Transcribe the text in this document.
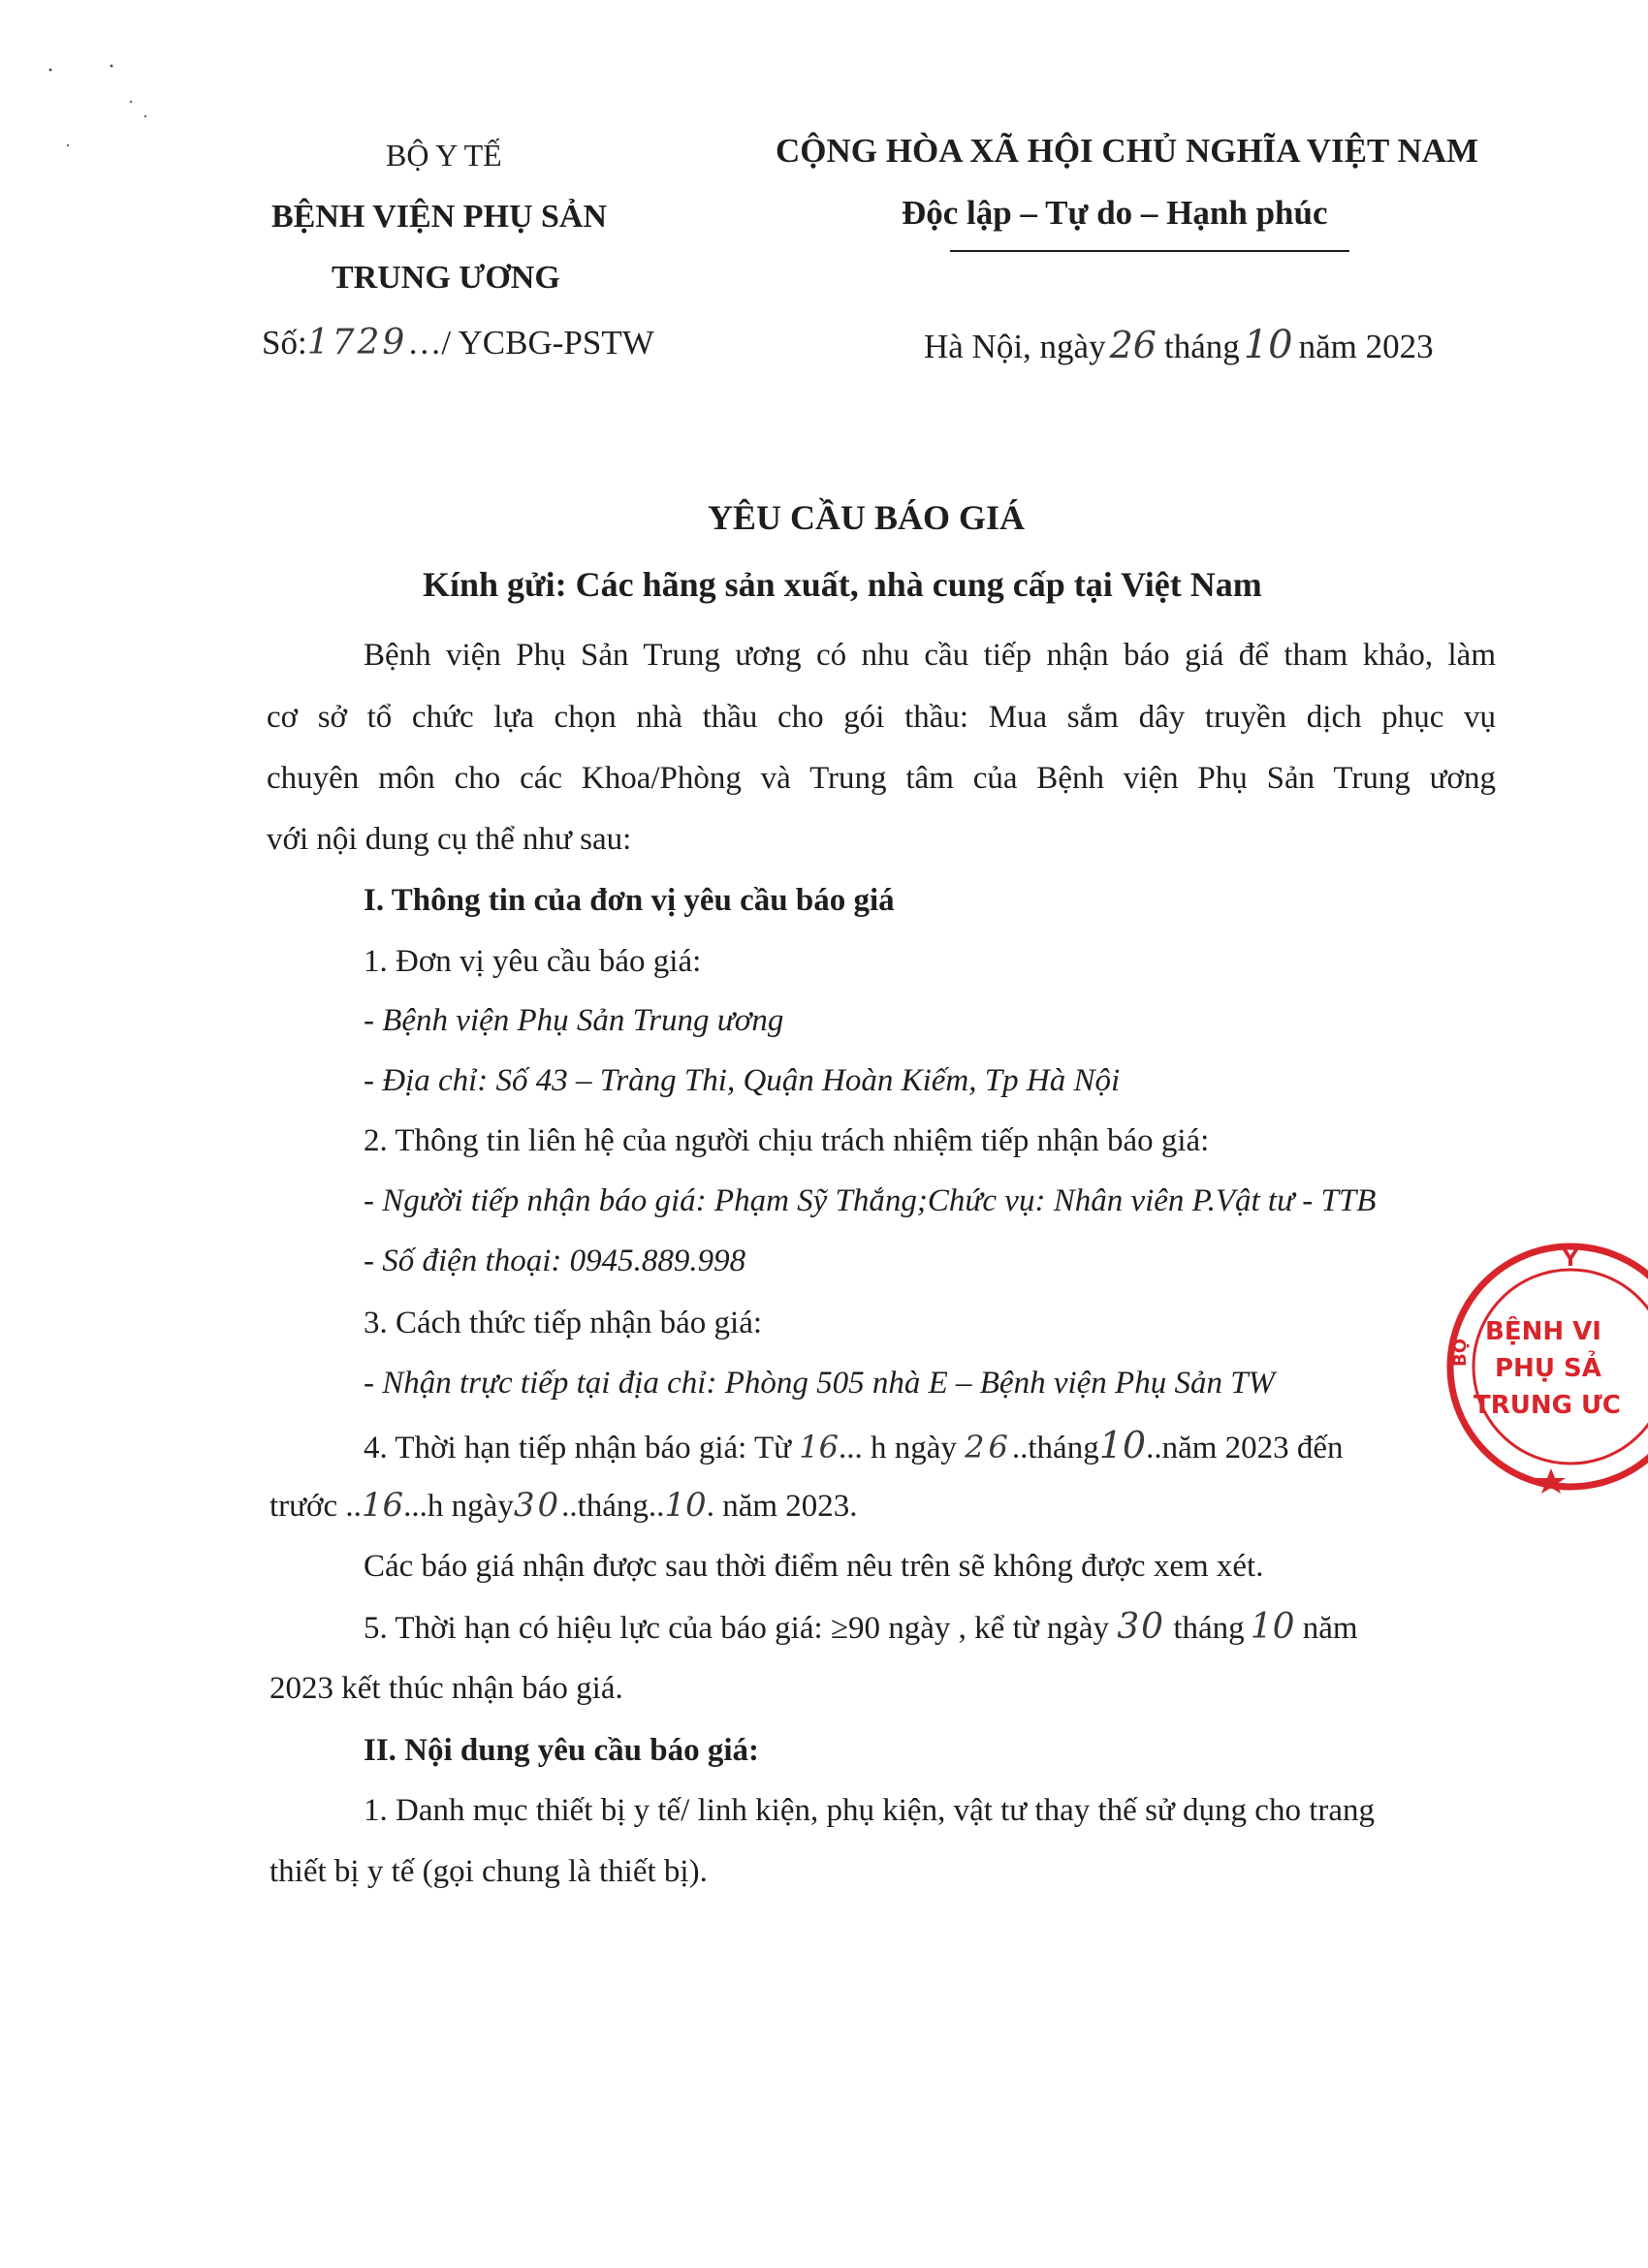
BỘ Y TẾ
BỆNH VIỆN PHỤ SẢN
TRUNG ƯƠNG
Số:1729…/ YCBG-PSTW
CỘNG HÒA XÃ HỘI CHỦ NGHĨA VIỆT NAM
Độc lập – Tự do – Hạnh phúc
Hà Nội, ngày 26 tháng 10 năm 2023
YÊU CẦU BÁO GIÁ
Kính gửi: Các hãng sản xuất, nhà cung cấp tại Việt Nam
Bệnh viện Phụ Sản Trung ương có nhu cầu tiếp nhận báo giá để tham khảo, làm
cơ sở tổ chức lựa chọn nhà thầu cho gói thầu: Mua sắm dây truyền dịch phục vụ
chuyên môn cho các Khoa/Phòng và Trung tâm của Bệnh viện Phụ Sản Trung ương
với nội dung cụ thể như sau:
I. Thông tin của đơn vị yêu cầu báo giá
1. Đơn vị yêu cầu báo giá:
- Bệnh viện Phụ Sản Trung ương
- Địa chỉ: Số 43 – Tràng Thi, Quận Hoàn Kiếm, Tp Hà Nội
2. Thông tin liên hệ của người chịu trách nhiệm tiếp nhận báo giá:
- Người tiếp nhận báo giá: Phạm Sỹ Thắng;Chức vụ: Nhân viên P.Vật tư - TTB
- Số điện thoại: 0945.889.998
3. Cách thức tiếp nhận báo giá:
- Nhận trực tiếp tại địa chỉ: Phòng 505 nhà E – Bệnh viện Phụ Sản TW
4. Thời hạn tiếp nhận báo giá: Từ 16... h ngày 26..tháng10..năm 2023 đến
trước ..16...h ngày30..tháng..10. năm 2023.
Các báo giá nhận được sau thời điểm nêu trên sẽ không được xem xét.
5. Thời hạn có hiệu lực của báo giá: ≥90 ngày , kể từ ngày 30 tháng 10 năm
2023 kết thúc nhận báo giá.
II. Nội dung yêu cầu báo giá:
1. Danh mục thiết bị y tế/ linh kiện, phụ kiện, vật tư thay thế sử dụng cho trang
thiết bị y tế (gọi chung là thiết bị).
Y
BỘ
BỆNH VI
PHỤ SẢ
TRUNG ƯC
